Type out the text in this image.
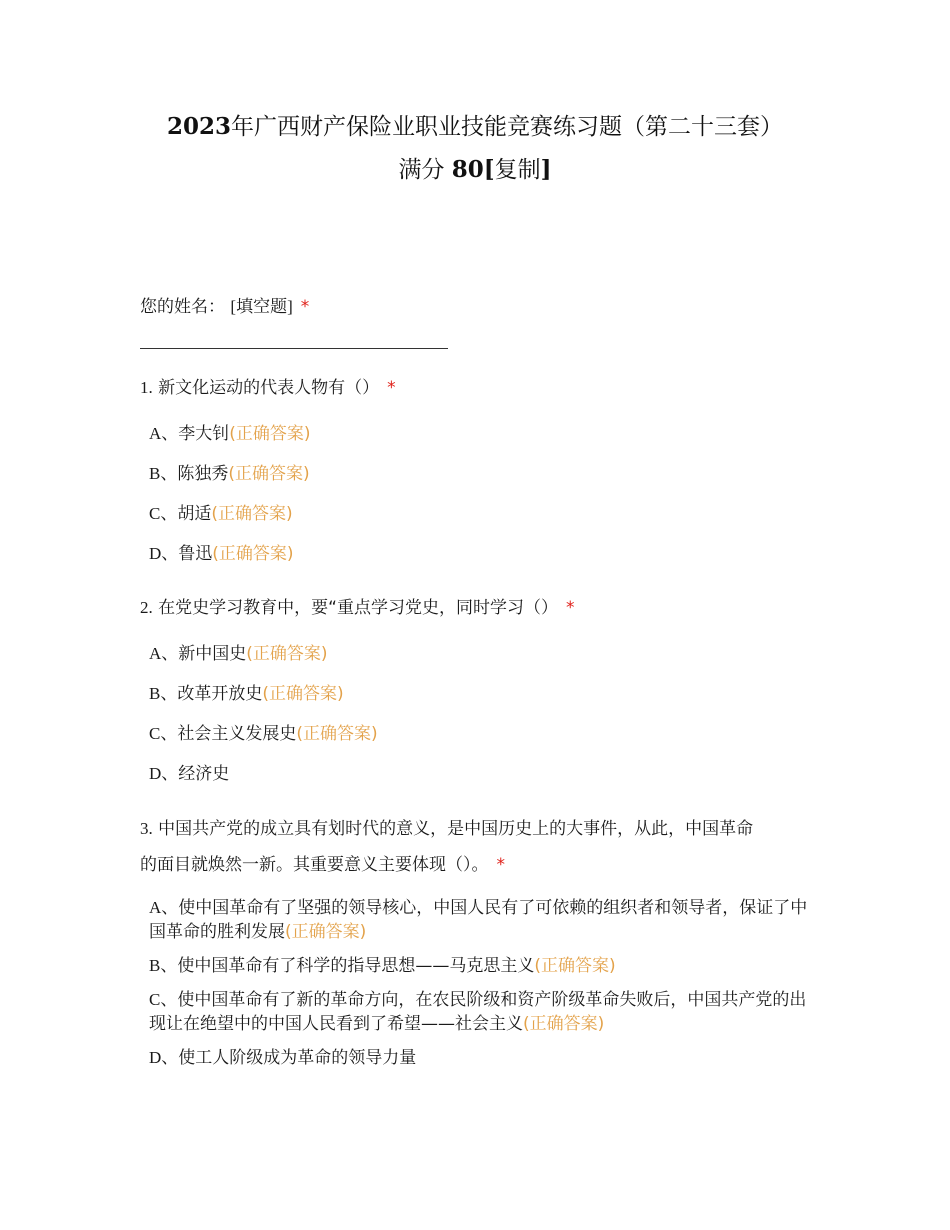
2023年广西财产保险业职业技能竞赛练习题（第二十三套）
满分 80[复制]
您的姓名： [填空题] *
1. 新文化运动的代表人物有（） *
A、李大钊(正确答案)
B、陈独秀(正确答案)
C、胡适(正确答案)
D、鲁迅(正确答案)
2. 在党史学习教育中，要“重点学习党史，同时学习（） *
A、新中国史(正确答案)
B、改革开放史(正确答案)
C、社会主义发展史(正确答案)
D、经济史
3. 中国共产党的成立具有划时代的意义，是中国历史上的大事件，从此，中国革命
的面目就焕然一新。其重要意义主要体现（）。 *
A、使中国革命有了坚强的领导核心，中国人民有了可依赖的组织者和领导者，保证了中国革命的胜利发展(正确答案)
B、使中国革命有了科学的指导思想——马克思主义(正确答案)
C、使中国革命有了新的革命方向，在农民阶级和资产阶级革命失败后，中国共产党的出现让在绝望中的中国人民看到了希望——社会主义(正确答案)
D、使工人阶级成为革命的领导力量
